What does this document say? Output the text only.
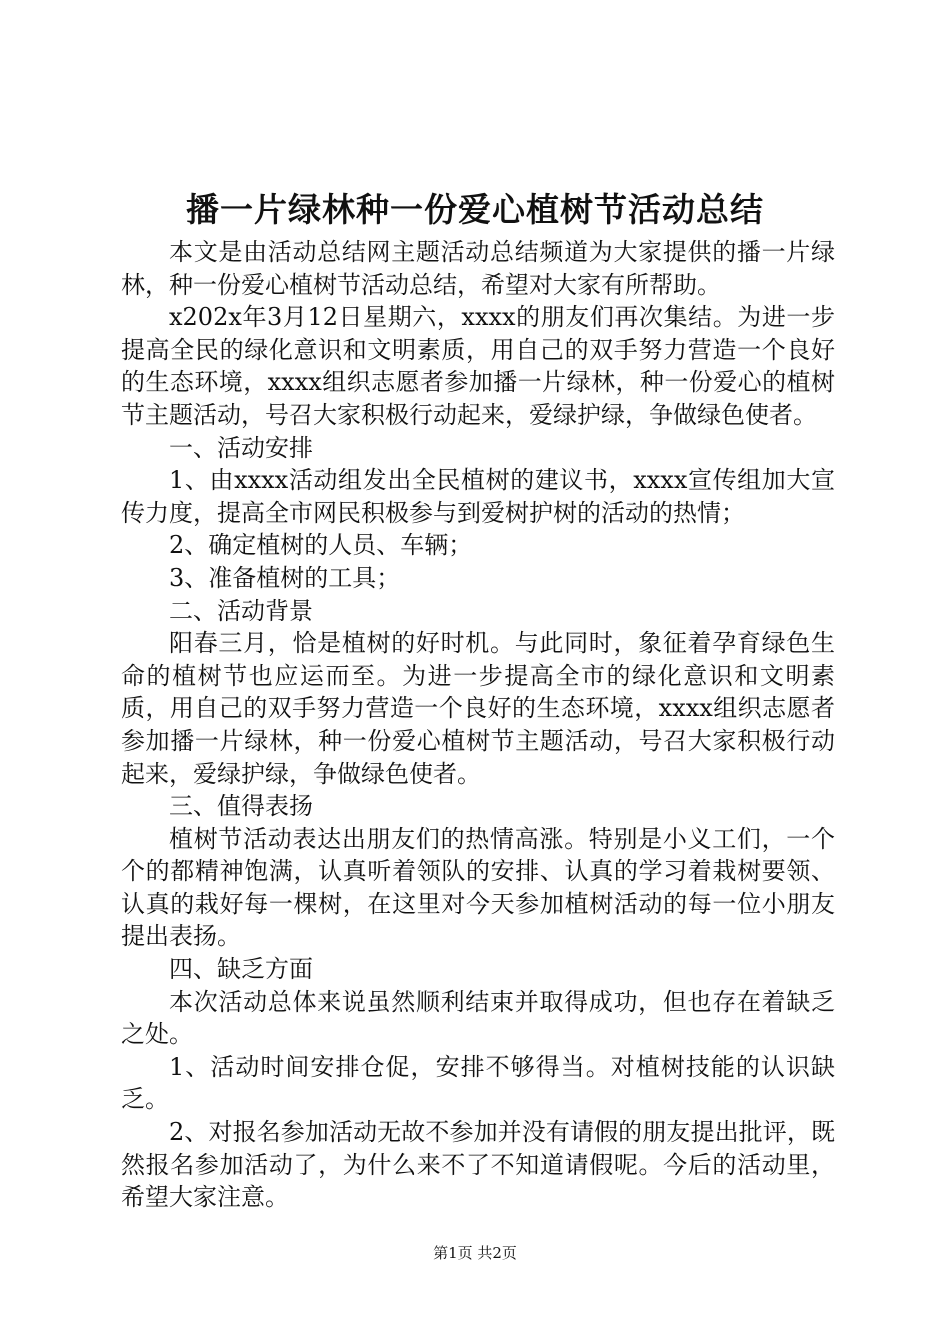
播一片绿林种一份爱心植树节活动总结

本文是由活动总结网主题活动总结频道为大家提供的播一片绿林，种一份爱心植树节活动总结，希望对大家有所帮助。

x202x年3月12日星期六，xxxx的朋友们再次集结。为进一步提高全民的绿化意识和文明素质，用自己的双手努力营造一个良好的生态环境，xxxx组织志愿者参加播一片绿林，种一份爱心的植树节主题活动，号召大家积极行动起来，爱绿护绿，争做绿色使者。

一、活动安排

1、由xxxx活动组发出全民植树的建议书，xxxx宣传组加大宣传力度，提高全市网民积极参与到爱树护树的活动的热情；

2、确定植树的人员、车辆；

3、准备植树的工具；

二、活动背景

阳春三月，恰是植树的好时机。与此同时，象征着孕育绿色生命的植树节也应运而至。为进一步提高全市的绿化意识和文明素质，用自己的双手努力营造一个良好的生态环境，xxxx组织志愿者参加播一片绿林，种一份爱心植树节主题活动，号召大家积极行动起来，爱绿护绿，争做绿色使者。

三、值得表扬

植树节活动表达出朋友们的热情高涨。特别是小义工们，一个个的都精神饱满，认真听着领队的安排、认真的学习着栽树要领、认真的栽好每一棵树，在这里对今天参加植树活动的每一位小朋友提出表扬。

四、缺乏方面

本次活动总体来说虽然顺利结束并取得成功，但也存在着缺乏之处。

1、活动时间安排仓促，安排不够得当。对植树技能的认识缺乏。

2、对报名参加活动无故不参加并没有请假的朋友提出批评，既然报名参加活动了，为什么来不了不知道请假呢。今后的活动里，希望大家注意。

第1页 共2页
